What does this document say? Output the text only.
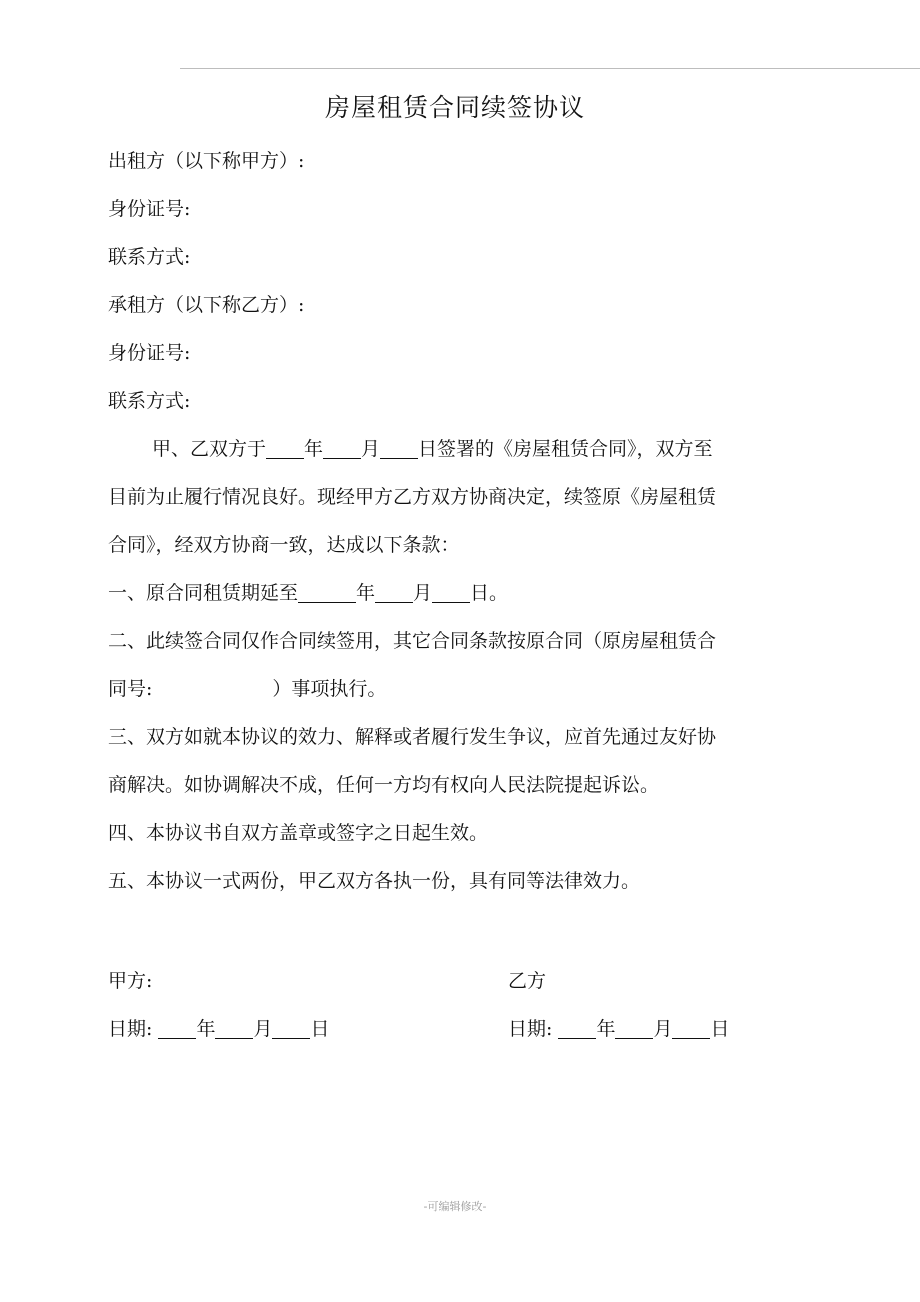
房屋租赁合同续签协议
出租方（以下称甲方）:
身份证号:
联系方式:
承租方（以下称乙方）:
身份证号:
联系方式:
甲、乙双方于 年 月 日签署的《房屋租赁合同》，双方至
目前为止履行情况良好。现经甲方乙方双方协商决定，续签原《房屋租赁
合同》，经双方协商一致，达成以下条款：
一、原合同租赁期延至	年 月 日。
二、此续签合同仅作合同续签用，其它合同条款按原合同（原房屋租赁合
同号:	）事项执行。
三、双方如就本协议的效力、解释或者履行发生争议，应首先通过友好协
商解决。如协调解决不成，任何一方均有权向人民法院提起诉讼。
四、本协议书自双方盖章或签字之日起生效。
五、本协议一式两份，甲乙双方各执一份，具有同等法律效力。
甲方:	乙方
日期: 年 月 日	日期: 年 月 日
-可编辑修改-
